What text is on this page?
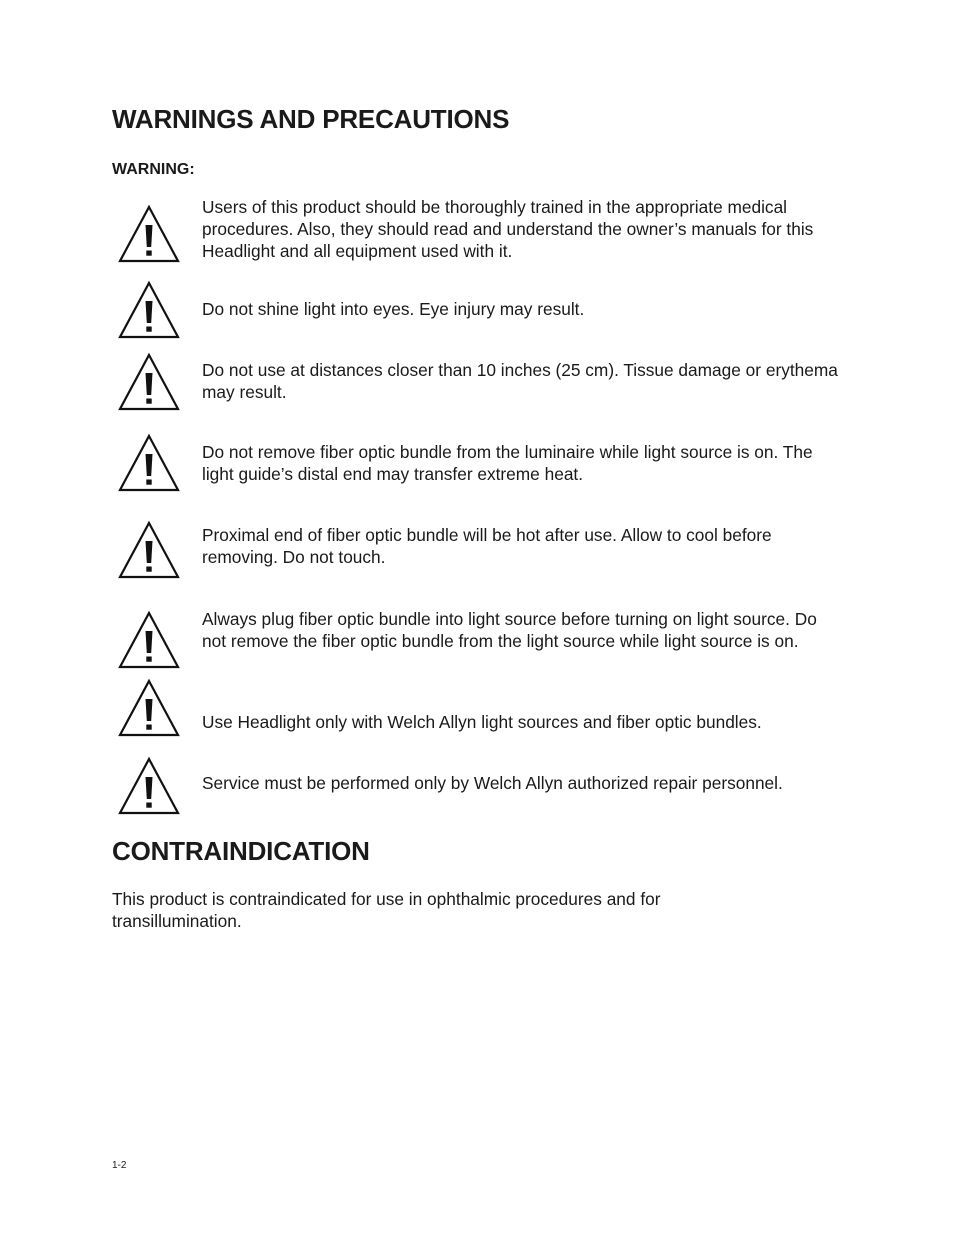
WARNINGS AND PRECAUTIONS
WARNING:
Users of this product should be thoroughly trained in the appropriate medical procedures. Also, they should read and understand the owner’s manuals for this Headlight and all equipment used with it.
Do not shine light into eyes. Eye injury may result.
Do not use at distances closer than 10 inches (25 cm). Tissue damage or erythema may result.
Do not remove fiber optic bundle from the luminaire while light source is on. The light guide’s distal end may transfer extreme heat.
Proximal end of fiber optic bundle will be hot after use. Allow to cool before removing. Do not touch.
Always plug fiber optic bundle into light source before turning on light source. Do not remove the fiber optic bundle from the light source while light source is on.
Use Headlight only with Welch Allyn light sources and fiber optic bundles.
Service must be performed only by Welch Allyn authorized repair personnel.
CONTRAINDICATION

This product is contraindicated for use in ophthalmic procedures and for transillumination.

1-2
